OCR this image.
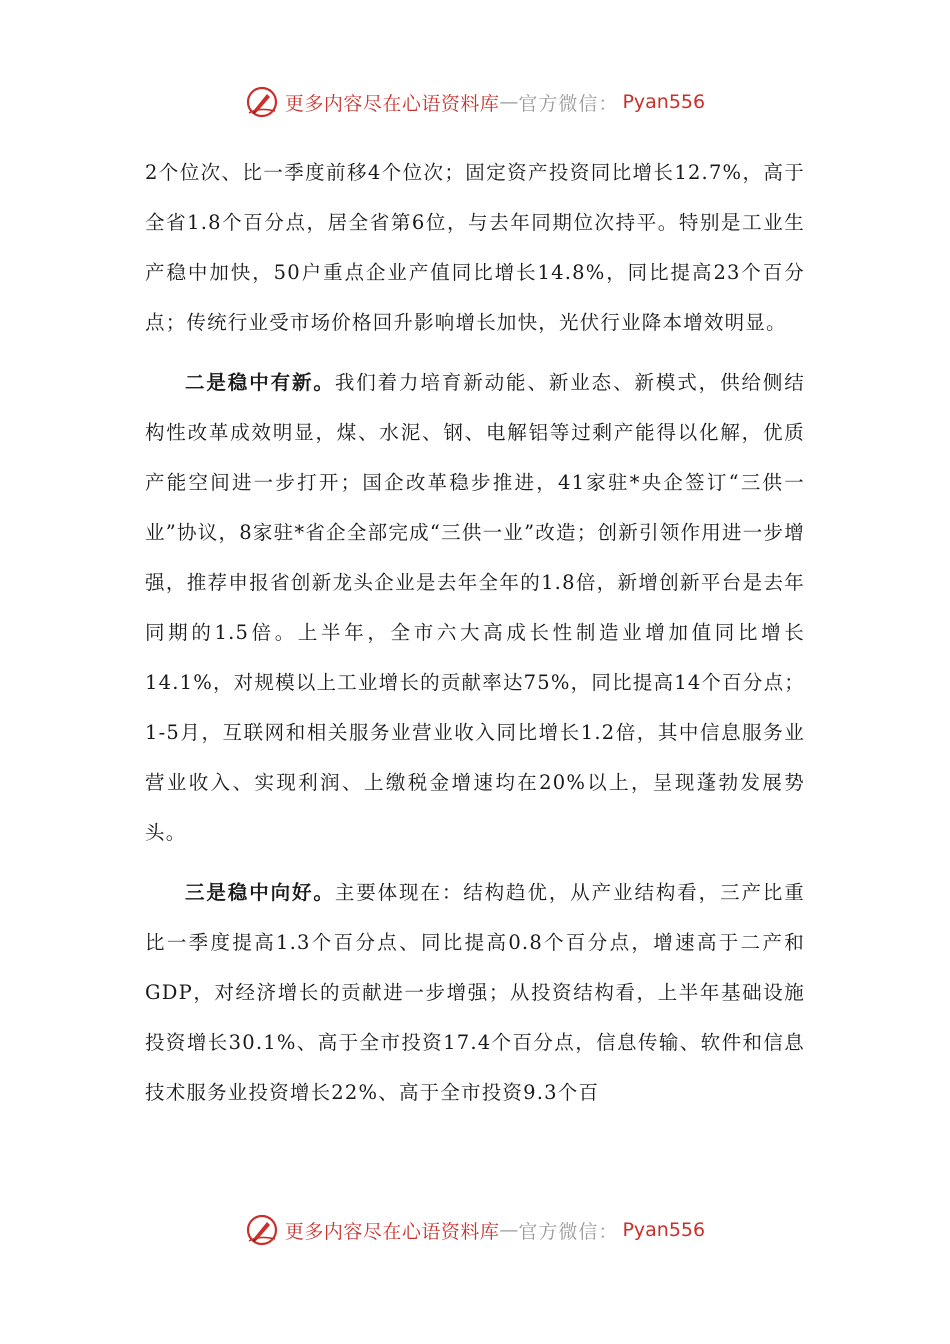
更多内容尽在心语资料库 — 官方微信： Pyan556

2个位次、比一季度前移4个位次；固定资产投资同比增长12.7%，高于全省1.8个百分点，居全省第6位，与去年同期位次持平。特别是工业生产稳中加快，50户重点企业产值同比增长14.8%，同比提高23个百分点；传统行业受市场价格回升影响增长加快，光伏行业降本增效明显。

二是稳中有新。我们着力培育新动能、新业态、新模式，供给侧结构性改革成效明显，煤、水泥、钢、电解铝等过剩产能得以化解，优质产能空间进一步打开；国企改革稳步推进，41家驻*央企签订“三供一业”协议，8家驻*省企全部完成“三供一业”改造；创新引领作用进一步增强，推荐申报省创新龙头企业是去年全年的1.8倍，新增创新平台是去年同期的1.5倍。上半年，全市六大高成长性制造业增加值同比增长14.1%，对规模以上工业增长的贡献率达75%，同比提高14个百分点；1-5月，互联网和相关服务业营业收入同比增长1.2倍，其中信息服务业营业收入、实现利润、上缴税金增速均在20%以上，呈现蓬勃发展势头。

三是稳中向好。主要体现在：结构趋优，从产业结构看，三产比重比一季度提高1.3个百分点、同比提高0.8个百分点，增速高于二产和GDP，对经济增长的贡献进一步增强；从投资结构看，上半年基础设施投资增长30.1%、高于全市投资17.4个百分点，信息传输、软件和信息技术服务业投资增长22%、高于全市投资9.3个百

更多内容尽在心语资料库 — 官方微信： Pyan556
